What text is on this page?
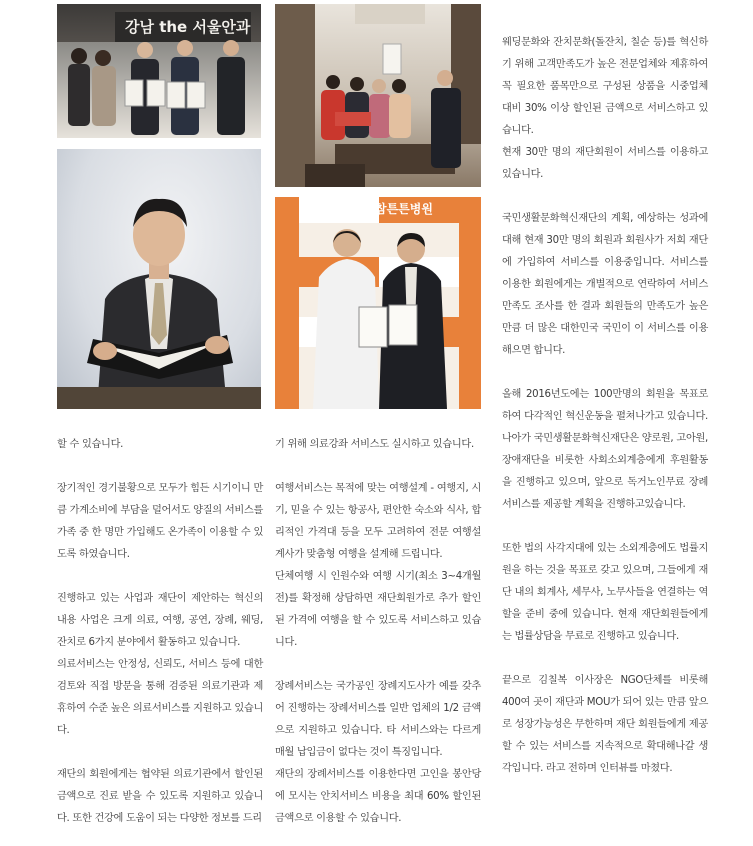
강남 the 서울안과
참튼튼병원

할 수 있습니다.

장기적인 경기불황으로 모두가 힘든 시기이니 만큼 가계소비에 부담을 덜어서도 양질의 서비스를 가족 중 한 명만 가입해도 온가족이 이용할 수 있도록 하였습니다.

진행하고 있는 사업과 재단이 제안하는 혁신의 내용 사업은 크게 의료, 여행, 공연, 장례, 웨딩, 잔치로 6가지 분야에서 활동하고 있습니다.

의료서비스는 안정성, 신뢰도, 서비스 등에 대한 검토와 직접 방문을 통해 검증된 의료기관과 제휴하여 수준 높은 의료서비스를 지원하고 있습니다.

재단의 회원에게는 협약된 의료기관에서 할인된 금액으로 진료 받을 수 있도록 지원하고 있습니다. 또한 건강에 도움이 되는 다양한 정보를 드리

기 위해 의료강좌 서비스도 실시하고 있습니다.

여행서비스는 목적에 맞는 여행설계 - 여행지, 시기, 믿을 수 있는 항공사, 편안한 숙소와 식사, 합리적인 가격대 등을 모두 고려하여 전문 여행설계사가 맞춤형 여행을 설계해 드립니다.

단체여행 시 인원수와 여행 시기(최소 3~4개월 전)를 확정해 상담하면 재단회원가로 추가 할인된 가격에 여행을 할 수 있도록 서비스하고 있습니다.

장례서비스는 국가공인 장례지도사가 예를 갖추어 진행하는 장례서비스를 일반 업체의 1/2 금액으로 지원하고 있습니다. 타 서비스와는 다르게 매월 납입금이 없다는 것이 특징입니다.

재단의 장례서비스를 이용한다면 고인을 봉안당에 모시는 안치서비스 비용을 최대 60% 할인된 금액으로 이용할 수 있습니다.

웨딩문화와 잔치문화(돌잔치, 칠순 등)를 혁신하기 위해 고객만족도가 높은 전문업체와 제휴하여 꼭 필요한 품목만으로 구성된 상품을 시중업체 대비 30% 이상 할인된 금액으로 서비스하고 있습니다.

현재 30만 명의 재단회원이 서비스를 이용하고 있습니다.

국민생활문화혁신재단의 계획, 예상하는 성과에 대해 현재 30만 명의 회원과 회원사가 저희 재단에 가입하여 서비스를 이용중입니다. 서비스를 이용한 회원에게는 개별적으로 연락하여 서비스 만족도 조사를 한 결과 회원들의 만족도가 높은 만큼 더 많은 대한민국 국민이 이 서비스를 이용해으면 합니다.

올해 2016년도에는 100만명의 회원을 목표로 하여 다각적인 혁신운동을 펼쳐나가고 있습니다.나아가 국민생활문화혁신재단은 양로원, 고아원, 장애재단을 비롯한 사회소외계층에게 후원활동을 진행하고 있으며, 앞으로 독거노인무료 장례 서비스를 제공할 계획을 진행하고있습니다.

또한 법의 사각지대에 있는 소외계층에도 법률지원을 하는 것을 목표로 갖고 있으며, 그들에게 재단 내의 회계사, 세무사, 노무사들을 연결하는 역할을 준비 중에 있습니다. 현재 재단회원들에게는 법률상담을 무료로 진행하고 있습니다.

끝으로 김칠복 이사장은 NGO단체를 비롯해 400여 곳이 재단과 MOU가 되어 있는 만큼 앞으로 성장가능성은 무한하며 재단 회원들에게 제공할 수 있는 서비스를 지속적으로 확대해나갈 생각입니다. 라고 전하며 인터뷰를 마쳤다.
